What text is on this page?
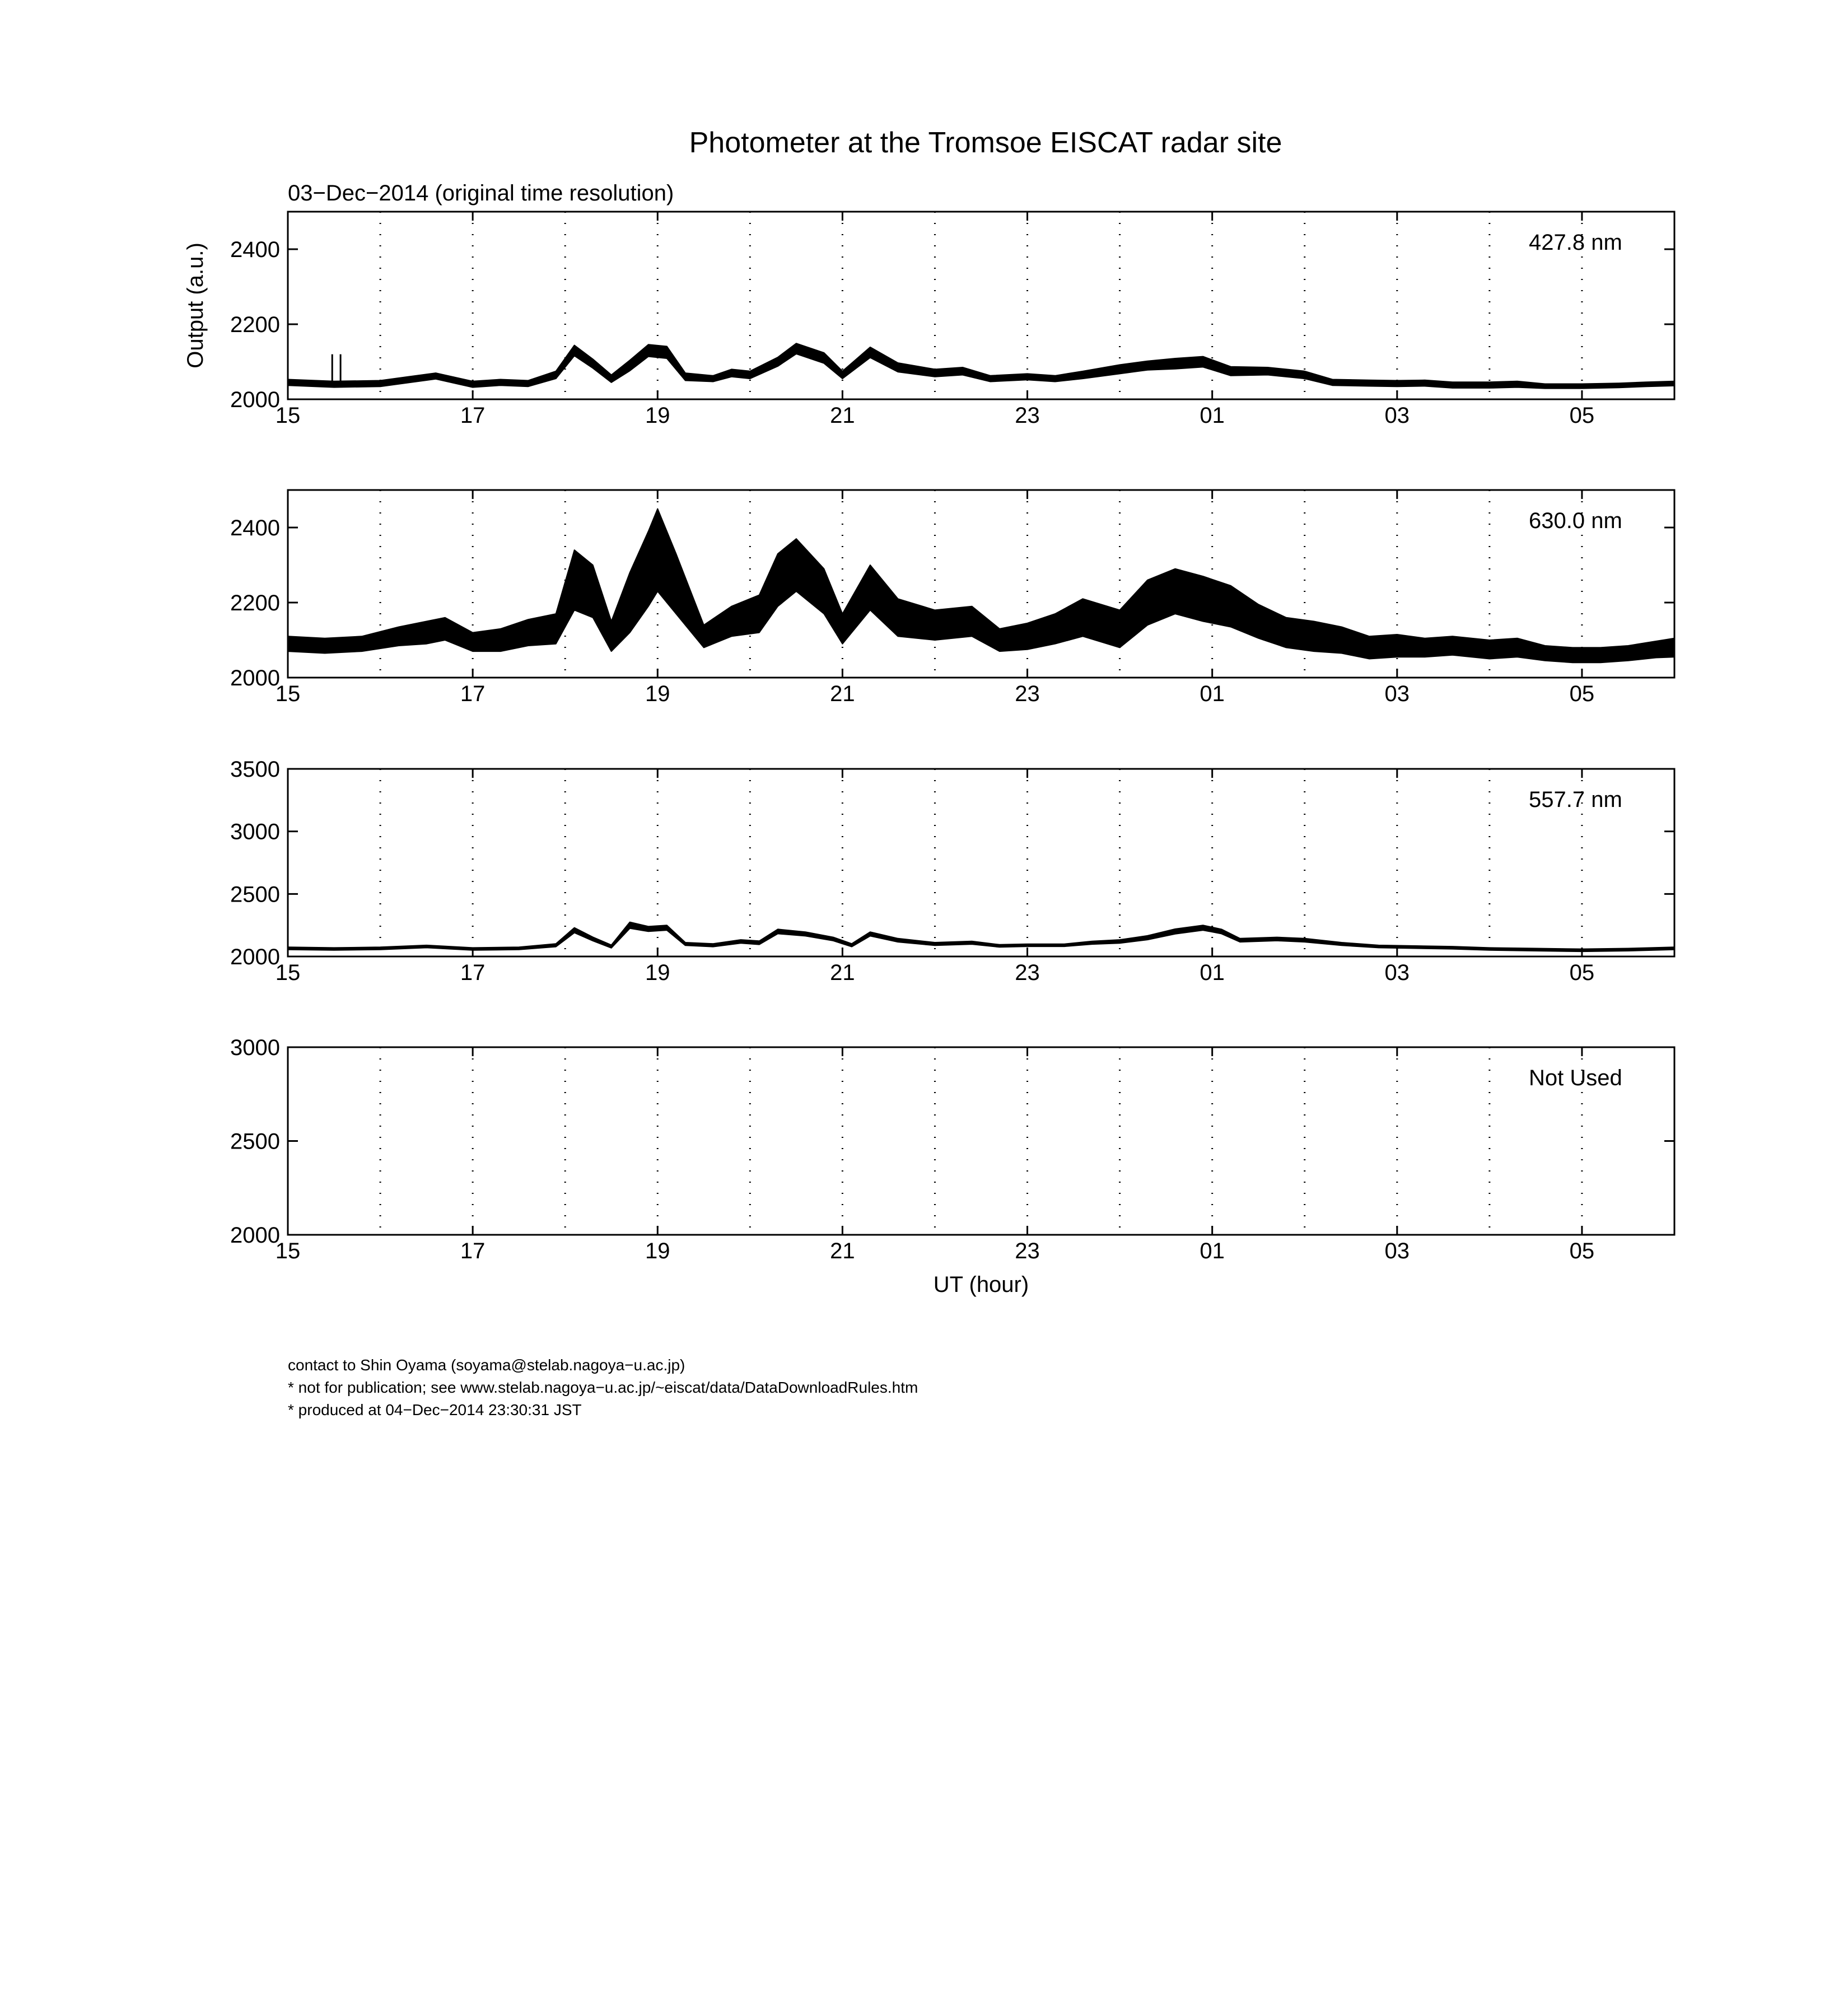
Photometer at the Tromsoe EISCAT radar site
03−Dec−2014 (original time resolution)
15	17	19	21	23	01	03	05
2000
2200
2400	427.8 nm
Output (a.u.)
15	17	19	21	23	01	03	05
2000
2200
2400	630.0 nm
15	17	19	21	23	01	03	05
2000
2500
3000
3500
557.7 nm
15	17	19	21	23	01	03	05
2000
2500
3000
Not Used
UT (hour)
contact to Shin Oyama (soyama@stelab.nagoya−u.ac.jp)
* not for publication; see www.stelab.nagoya−u.ac.jp/~eiscat/data/DataDownloadRules.htm
* produced at 04−Dec−2014 23:30:31 JST
